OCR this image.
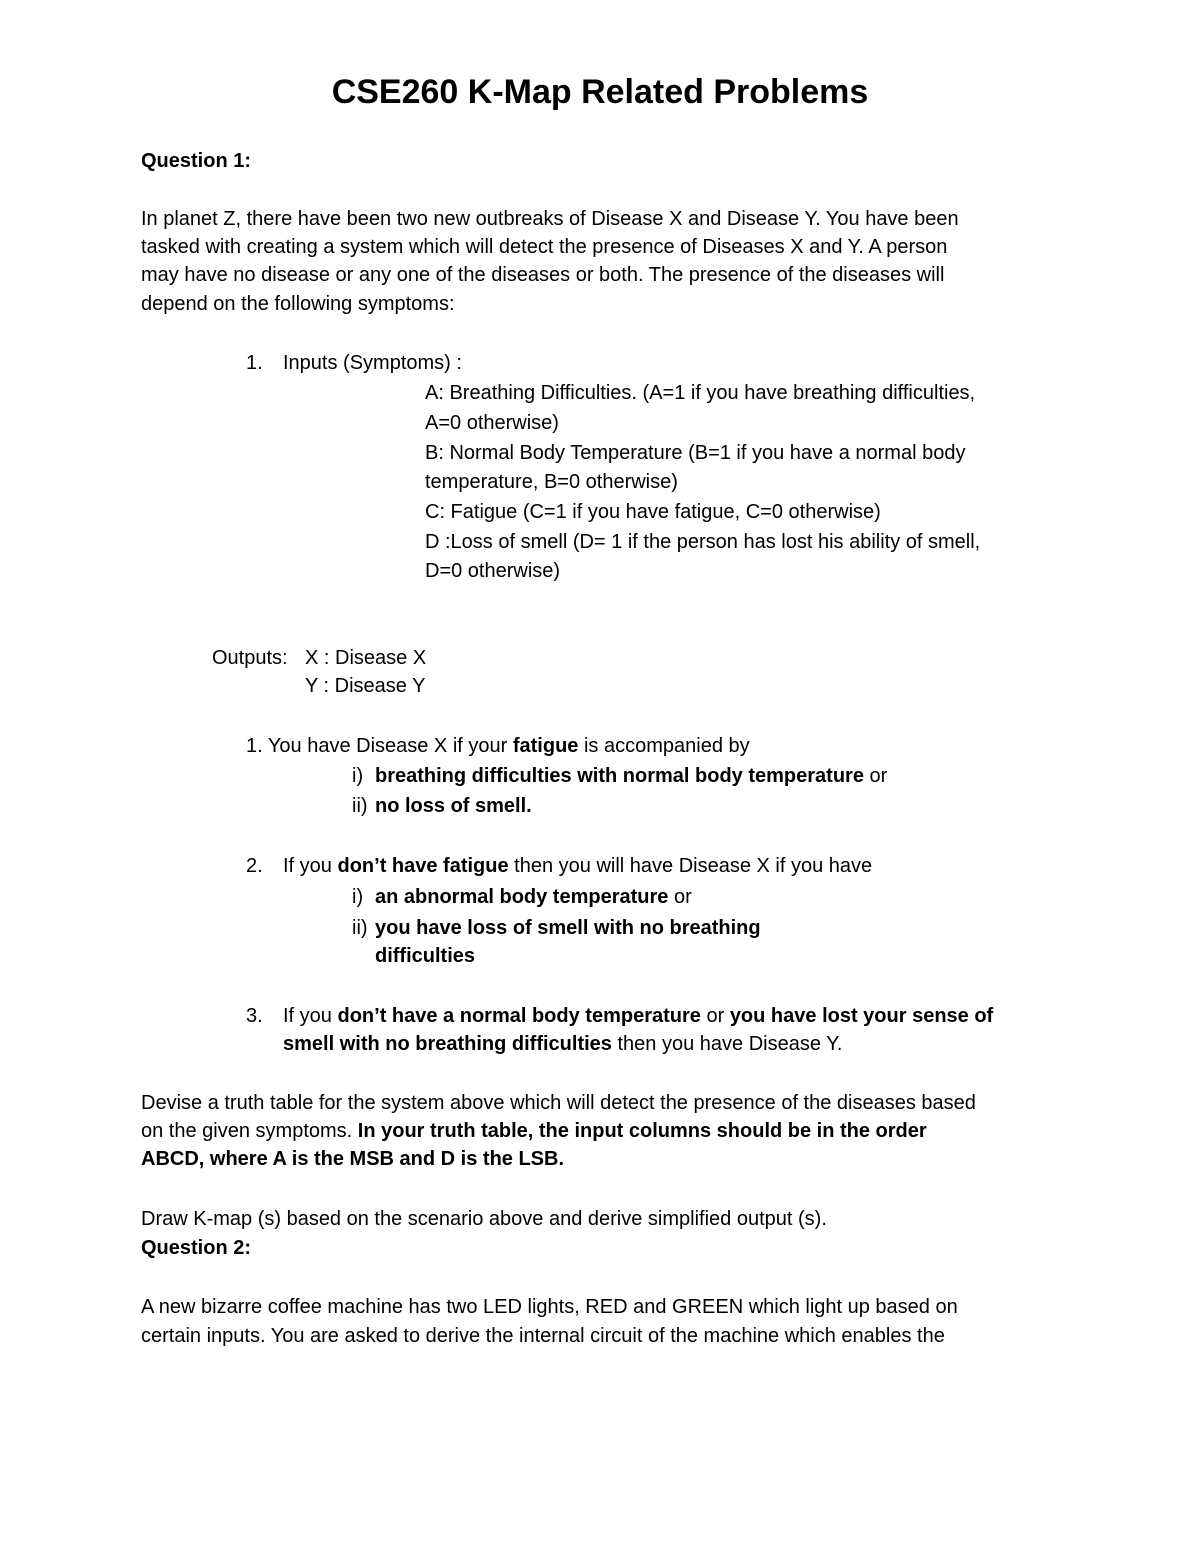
CSE260 K-Map Related Problems
Question 1:
In planet Z, there have been two new outbreaks of Disease X and Disease Y. You have been
tasked with creating a system which will detect the presence of Diseases X and Y. A person
may have no disease or any one of the diseases or both. The presence of the diseases will
depend on the following symptoms:
1. Inputs (Symptoms) :
A: Breathing Difficulties. (A=1 if you have breathing difficulties,
A=0 otherwise)
B: Normal Body Temperature (B=1 if you have a normal body
temperature, B=0 otherwise)
C: Fatigue (C=1 if you have fatigue, C=0 otherwise)
D :Loss of smell (D= 1 if the person has lost his ability of smell,
D=0 otherwise)
Outputs: X : Disease X
Y : Disease Y
1. You have Disease X if your fatigue is accompanied by
i) breathing difficulties with normal body temperature or
ii) no loss of smell.
2. If you don’t have fatigue then you will have Disease X if you have
i) an abnormal body temperature or
ii) you have loss of smell with no breathing
difficulties
3. If you don’t have a normal body temperature or you have lost your sense of
smell with no breathing difficulties then you have Disease Y.
Devise a truth table for the system above which will detect the presence of the diseases based
on the given symptoms. In your truth table, the input columns should be in the order
ABCD, where A is the MSB and D is the LSB.
Draw K-map (s) based on the scenario above and derive simplified output (s).
Question 2:
A new bizarre coffee machine has two LED lights, RED and GREEN which light up based on
certain inputs. You are asked to derive the internal circuit of the machine which enables the
